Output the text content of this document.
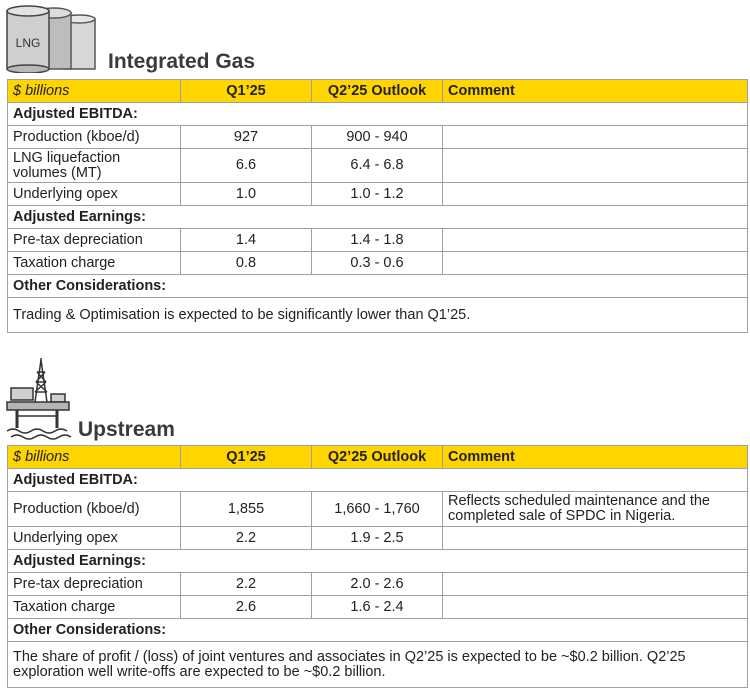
LNG
Integrated Gas
$ billions	Q1’25	Q2’25 Outlook	Comment
Adjusted EBITDA:			
Production (kboe/d)	927	900 - 940	
LNG liquefaction volumes (MT)	6.6	6.4 - 6.8	
Underlying opex	1.0	1.0 - 1.2	
Adjusted Earnings:			
Pre-tax depreciation	1.4	1.4 - 1.8	
Taxation charge	0.8	0.3 - 0.6	
Other Considerations:			
Trading & Optimisation is expected to be significantly lower than Q1’25.			
Upstream
$ billions	Q1’25	Q2’25 Outlook	Comment
Adjusted EBITDA:			
Production (kboe/d)	1,855	1,660 - 1,760	Reflects scheduled maintenance and the completed sale of SPDC in Nigeria.
Underlying opex	2.2	1.9 - 2.5	
Adjusted Earnings:			
Pre-tax depreciation	2.2	2.0 - 2.6	
Taxation charge	2.6	1.6 - 2.4	
Other Considerations:			
The share of profit / (loss) of joint ventures and associates in Q2’25 is expected to be ~$0.2 billion. Q2’25 exploration well write-offs are expected to be ~$0.2 billion.			
